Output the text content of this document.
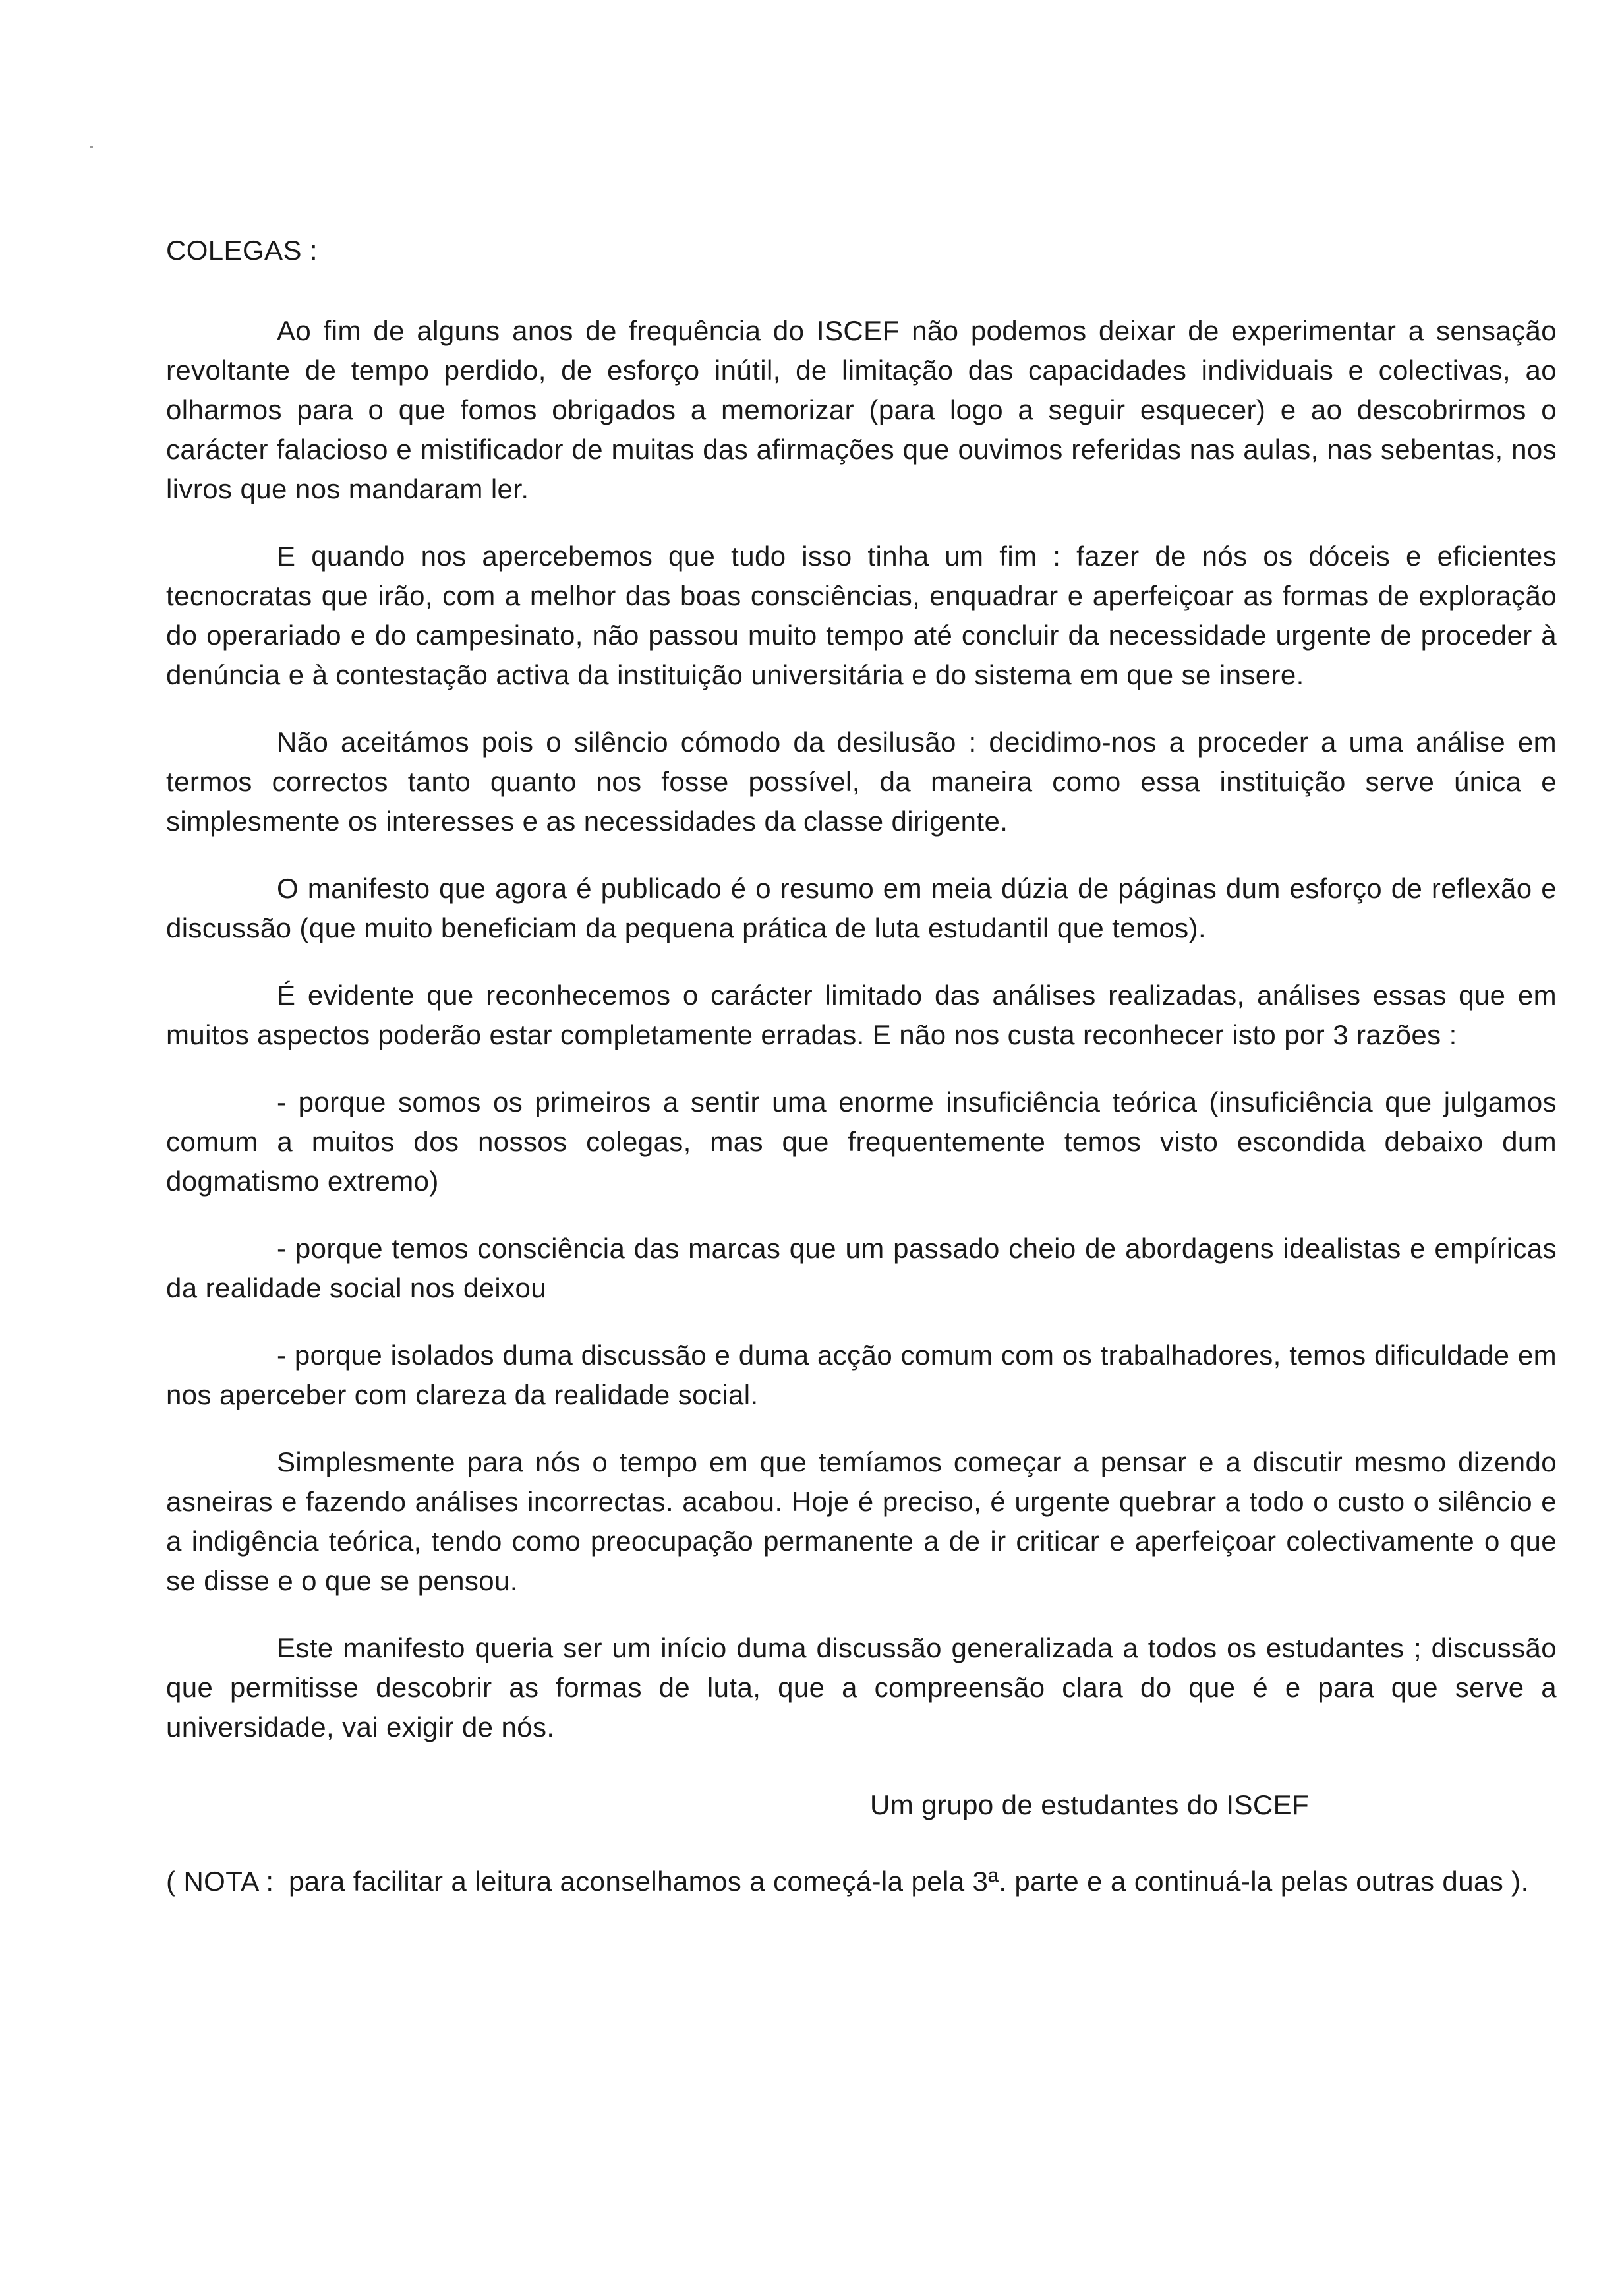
COLEGAS :

Ao fim de alguns anos de frequência do ISCEF não podemos deixar de experimentar a sensação revoltante de tempo perdido, de esforço inútil, de limitação das capacidades individuais e colectivas, ao olharmos para o que fomos obrigados a memorizar (para logo a seguir esquecer) e ao descobrirmos o carácter falacioso e mistificador de muitas das afirmações que ouvimos referidas nas aulas, nas sebentas, nos livros que nos mandaram ler.

E quando nos apercebemos que tudo isso tinha um fim : fazer de nós os dóceis e eficientes tecnocratas que irão, com a melhor das boas consciências, enquadrar e aperfeiçoar as formas de exploração do operariado e do campesinato, não passou muito tempo até concluir da necessidade urgente de proceder à denúncia e à contestação activa da instituição universitária e do sistema em que se insere.

Não aceitámos pois o silêncio cómodo da desilusão : decidimo-nos a proceder a uma análise em termos correctos tanto quanto nos fosse possível, da maneira como essa instituição serve única e simplesmente os interesses e as necessidades da classe dirigente.

O manifesto que agora é publicado é o resumo em meia dúzia de páginas dum esforço de reflexão e discussão (que muito beneficiam da pequena prática de luta estudantil que temos).

É evidente que reconhecemos o carácter limitado das análises realizadas, análises essas que em muitos aspectos poderão estar completamente erradas. E não nos custa reconhecer isto por 3 razões :

- porque somos os primeiros a sentir uma enorme insuficiência teórica (insuficiência que julgamos comum a muitos dos nossos colegas, mas que frequentemente temos visto escondida debaixo dum dogmatismo extremo)

- porque temos consciência das marcas que um passado cheio de abordagens idealistas e empíricas da realidade social nos deixou

- porque isolados duma discussão e duma acção comum com os trabalhadores, temos dificuldade em nos aperceber com clareza da realidade social.

Simplesmente para nós o tempo em que temíamos começar a pensar e a discutir mesmo dizendo asneiras e fazendo análises incorrectas. acabou. Hoje é preciso, é urgente quebrar a todo o custo o silêncio e a indigência teórica, tendo como preocupação permanente a de ir criticar e aperfeiçoar colectivamente o que se disse e o que se pensou.

Este manifesto queria ser um início duma discussão generalizada a todos os estudantes ; discussão que permitisse descobrir as formas de luta, que a compreensão clara do que é e para que serve a universidade, vai exigir de nós.

Um grupo de estudantes do ISCEF
( NOTA : para facilitar a leitura aconselhamos a começá-la pela 3ª. parte e a continuá-la pelas outras duas ).
